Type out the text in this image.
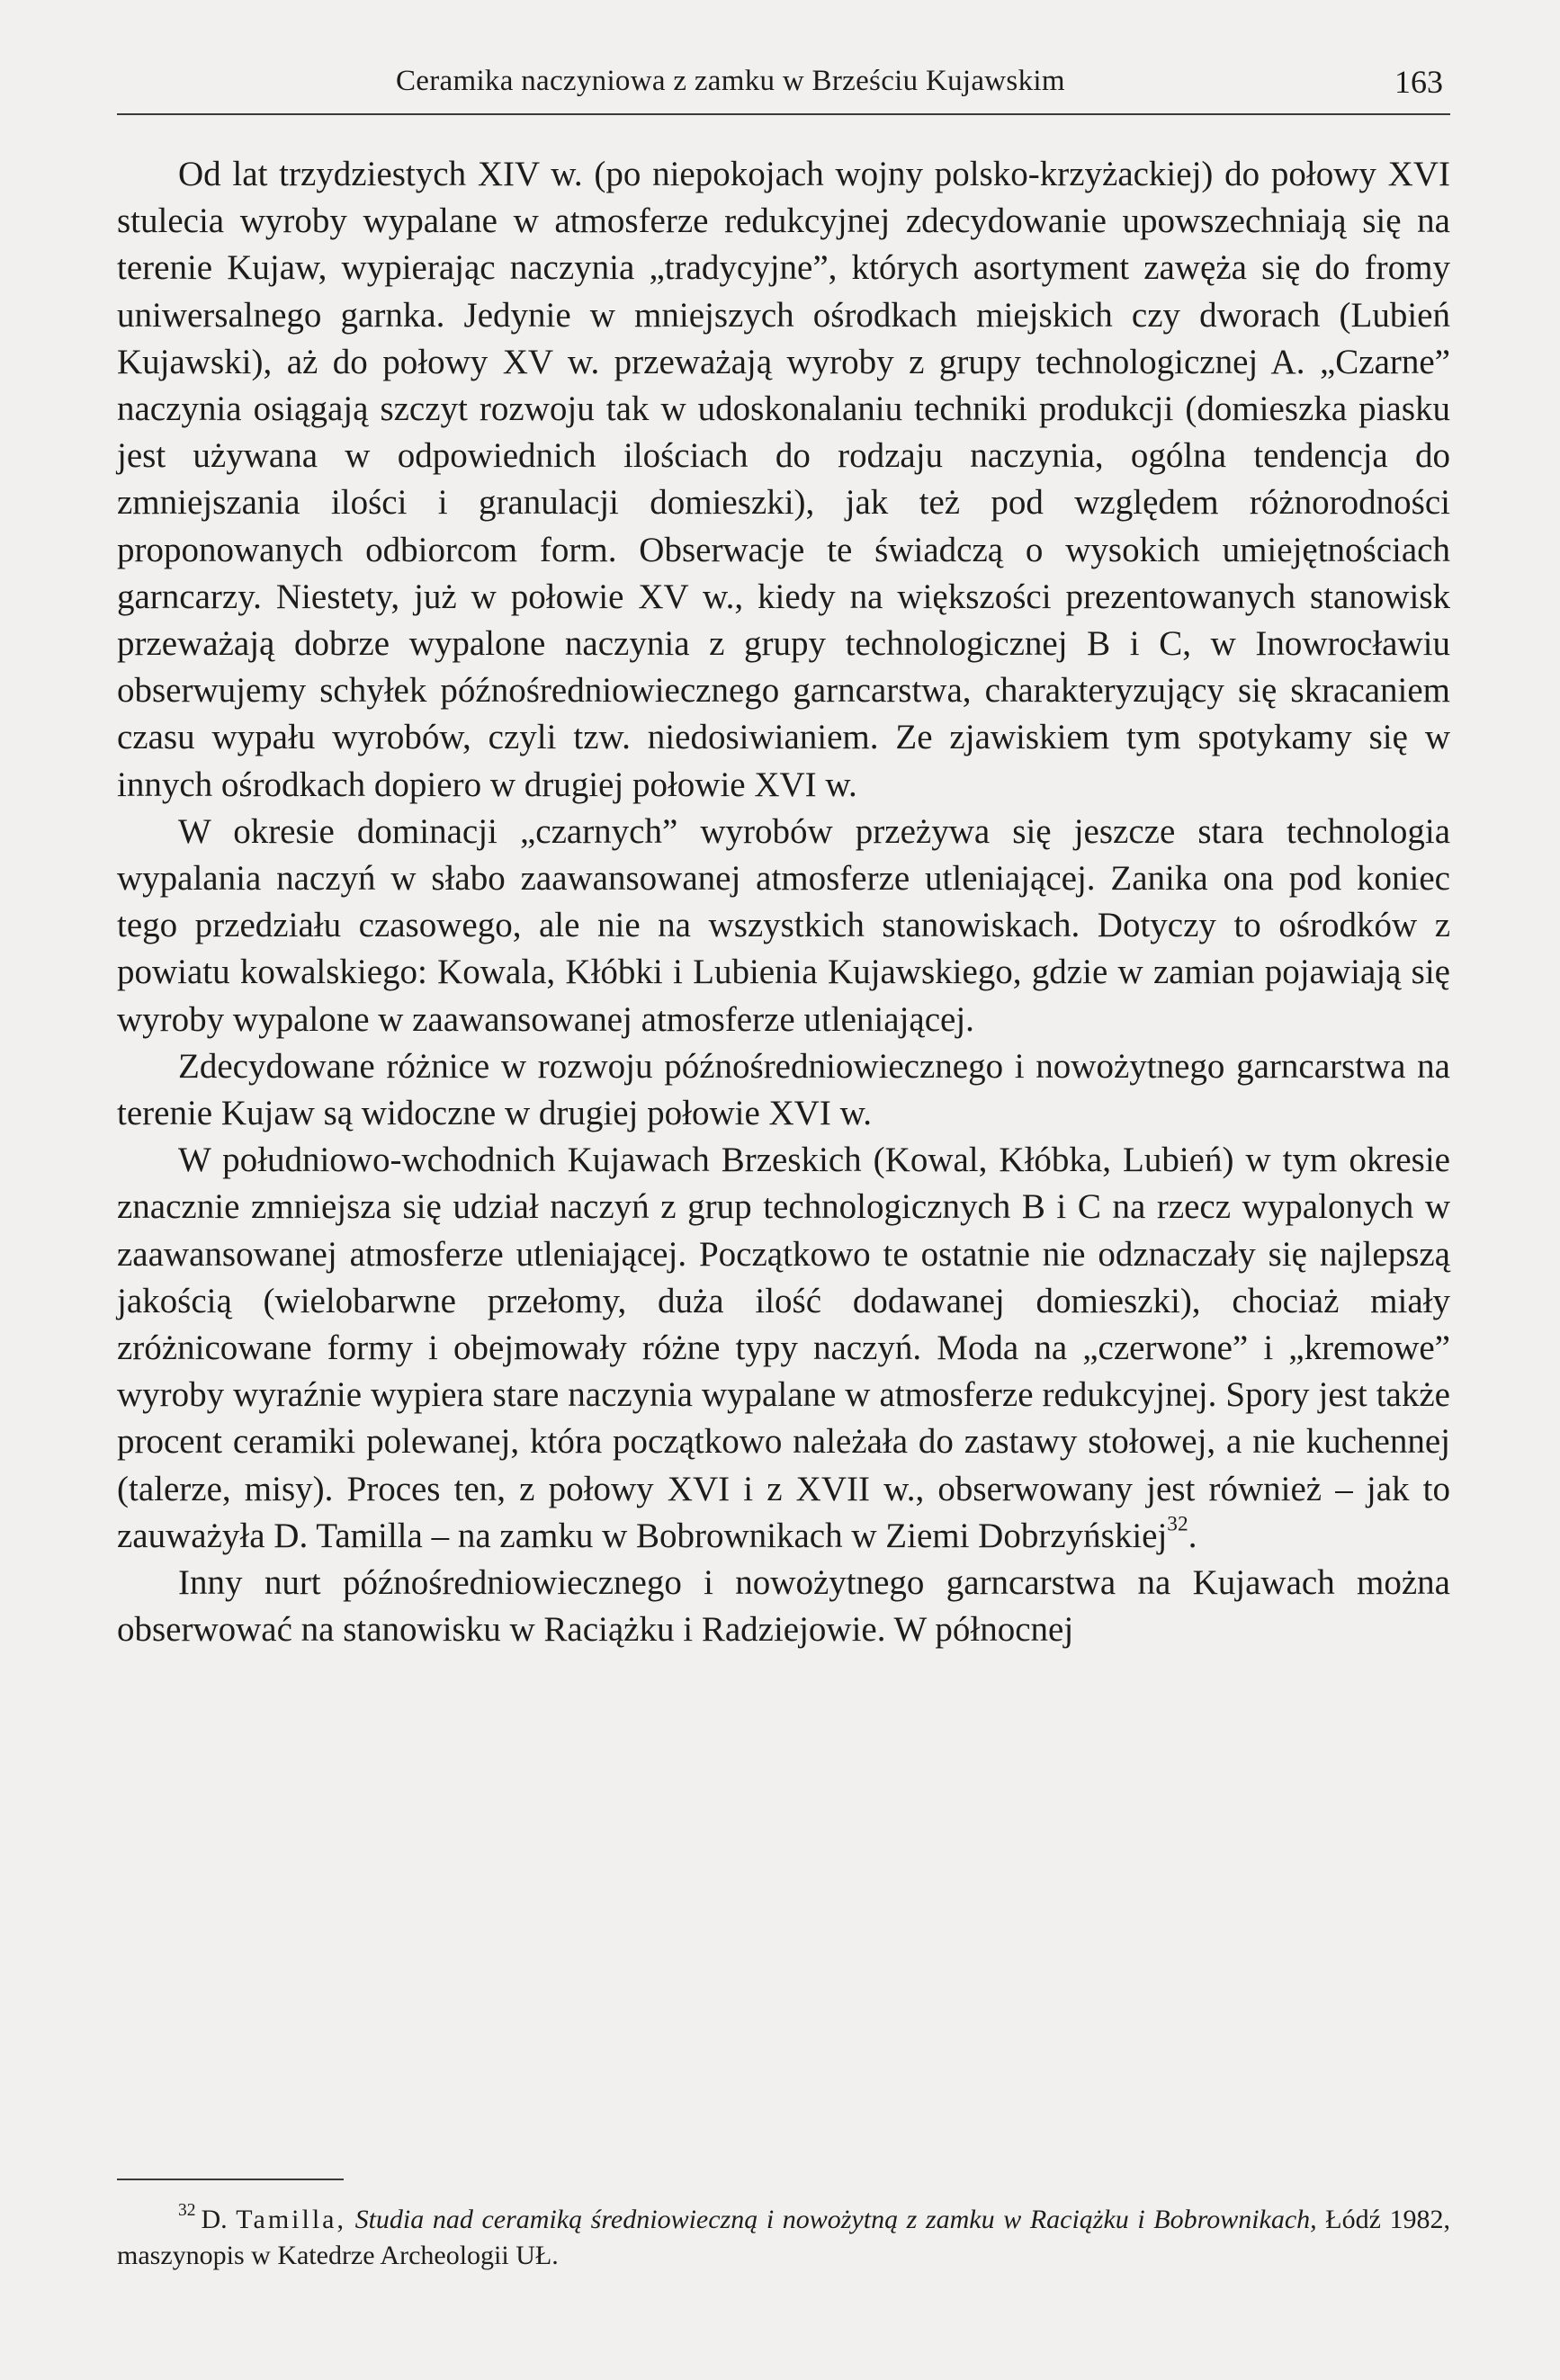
Ceramika naczyniowa z zamku w Brześciu Kujawskim	163

Od lat trzydziestych XIV w. (po niepokojach wojny polsko-krzyżackiej) do połowy XVI stulecia wyroby wypalane w atmosferze redukcyjnej zdecydowanie upowszechniają się na terenie Kujaw, wypierając naczynia „tradycyjne”, których asortyment zawęża się do fromy uniwersalnego garnka. Jedynie w mniejszych ośrodkach miejskich czy dworach (Lubień Kujawski), aż do połowy XV w. przeważają wyroby z grupy technologicznej A. „Czarne” naczynia osiągają szczyt rozwoju tak w udoskonalaniu techniki produkcji (domieszka piasku jest używana w odpowiednich ilościach do rodzaju naczynia, ogólna tendencja do zmniejszania ilości i granulacji domieszki), jak też pod względem różnorodności proponowanych odbiorcom form. Obserwacje te świadczą o wysokich umiejętnościach garncarzy. Niestety, już w połowie XV w., kiedy na większości prezentowanych stanowisk przeważają dobrze wypalone naczynia z grupy technologicznej B i C, w Inowrocławiu obserwujemy schyłek późnośredniowiecznego garncarstwa, charakteryzujący się skracaniem czasu wypału wyrobów, czyli tzw. niedosiwianiem. Ze zjawiskiem tym spotykamy się w innych ośrodkach dopiero w drugiej połowie XVI w.

W okresie dominacji „czarnych” wyrobów przeżywa się jeszcze stara technologia wypalania naczyń w słabo zaawansowanej atmosferze utleniającej. Zanika ona pod koniec tego przedziału czasowego, ale nie na wszystkich stanowiskach. Dotyczy to ośrodków z powiatu kowalskiego: Kowala, Kłóbki i Lubienia Kujawskiego, gdzie w zamian pojawiają się wyroby wypalone w zaawansowanej atmosferze utleniającej.

Zdecydowane różnice w rozwoju późnośredniowiecznego i nowożytnego garncarstwa na terenie Kujaw są widoczne w drugiej połowie XVI w.

W południowo-wchodnich Kujawach Brzeskich (Kowal, Kłóbka, Lubień) w tym okresie znacznie zmniejsza się udział naczyń z grup technologicznych B i C na rzecz wypalonych w zaawansowanej atmosferze utleniającej. Początkowo te ostatnie nie odznaczały się najlepszą jakością (wielobarwne przełomy, duża ilość dodawanej domieszki), chociaż miały zróżnicowane formy i obejmowały różne typy naczyń. Moda na „czerwone” i „kremowe” wyroby wyraźnie wypiera stare naczynia wypalane w atmosferze redukcyjnej. Spory jest także procent ceramiki polewanej, która początkowo należała do zastawy stołowej, a nie kuchennej (talerze, misy). Proces ten, z połowy XVI i z XVII w., obserwowany jest również – jak to zauważyła D. Tamilla – na zamku w Bobrownikach w Ziemi Dobrzyńskiej$^{32}$.

Inny nurt późnośredniowiecznego i nowożytnego garncarstwa na Kujawach można obserwować na stanowisku w Raciążku i Radziejowie. W północnej

$^{32}$ D. Tamilla, Studia nad ceramiką średniowieczną i nowożytną z zamku w Raciążku i Bobrownikach, Łódź 1982, maszynopis w Katedrze Archeologii UŁ.
